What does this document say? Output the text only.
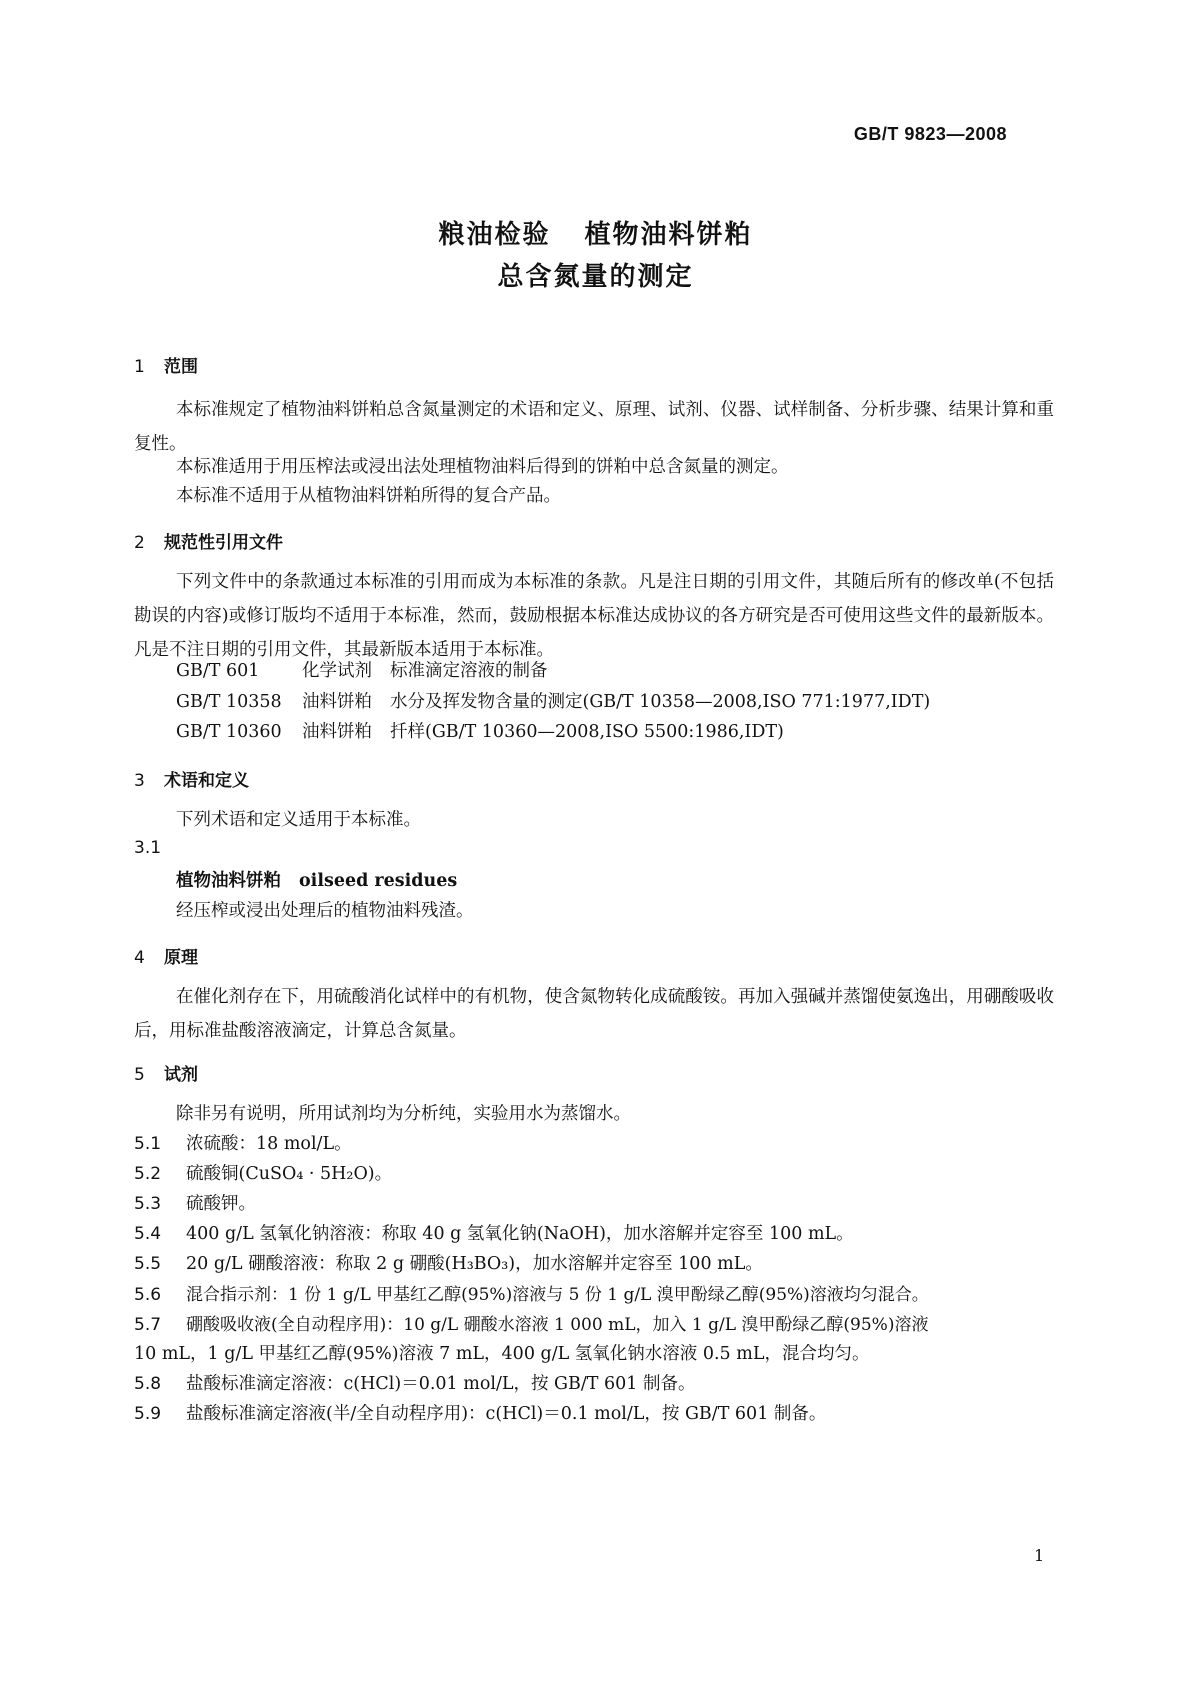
GB/T 9823—2008
粮油检验 植物油料饼粕
总含氮量的测定
1 范围
本标准规定了植物油料饼粕总含氮量测定的术语和定义、原理、试剂、仪器、试样制备、分析步骤、结果计算和重复性。
本标准适用于用压榨法或浸出法处理植物油料后得到的饼粕中总含氮量的测定。
本标准不适用于从植物油料饼粕所得的复合产品。
2 规范性引用文件
下列文件中的条款通过本标准的引用而成为本标准的条款。凡是注日期的引用文件，其随后所有的修改单(不包括勘误的内容)或修订版均不适用于本标准，然而，鼓励根据本标准达成协议的各方研究是否可使用这些文件的最新版本。凡是不注日期的引用文件，其最新版本适用于本标准。
GB/T 601 化学试剂 标准滴定溶液的制备
GB/T 10358 油料饼粕 水分及挥发物含量的测定(GB/T 10358—2008,ISO 771:1977,IDT)
GB/T 10360 油料饼粕 扦样(GB/T 10360—2008,ISO 5500:1986,IDT)
3 术语和定义
下列术语和定义适用于本标准。
3.1
植物油料饼粕 oilseed residues
经压榨或浸出处理后的植物油料残渣。
4 原理
在催化剂存在下，用硫酸消化试样中的有机物，使含氮物转化成硫酸铵。再加入强碱并蒸馏使氨逸出，用硼酸吸收后，用标准盐酸溶液滴定，计算总含氮量。
5 试剂
除非另有说明，所用试剂均为分析纯，实验用水为蒸馏水。
5.1 浓硫酸：18 mol/L。
5.2 硫酸铜(CuSO₄ · 5H₂O)。
5.3 硫酸钾。
5.4 400 g/L 氢氧化钠溶液：称取 40 g 氢氧化钠(NaOH)，加水溶解并定容至 100 mL。
5.5 20 g/L 硼酸溶液：称取 2 g 硼酸(H₃BO₃)，加水溶解并定容至 100 mL。
5.6 混合指示剂：1 份 1 g/L 甲基红乙醇(95%)溶液与 5 份 1 g/L 溴甲酚绿乙醇(95%)溶液均匀混合。
5.7 硼酸吸收液(全自动程序用)：10 g/L 硼酸水溶液 1 000 mL，加入 1 g/L 溴甲酚绿乙醇(95%)溶液
10 mL，1 g/L 甲基红乙醇(95%)溶液 7 mL，400 g/L 氢氧化钠水溶液 0.5 mL，混合均匀。
5.8 盐酸标准滴定溶液：c(HCl)＝0.01 mol/L，按 GB/T 601 制备。
5.9 盐酸标准滴定溶液(半/全自动程序用)：c(HCl)＝0.1 mol/L，按 GB/T 601 制备。
1
